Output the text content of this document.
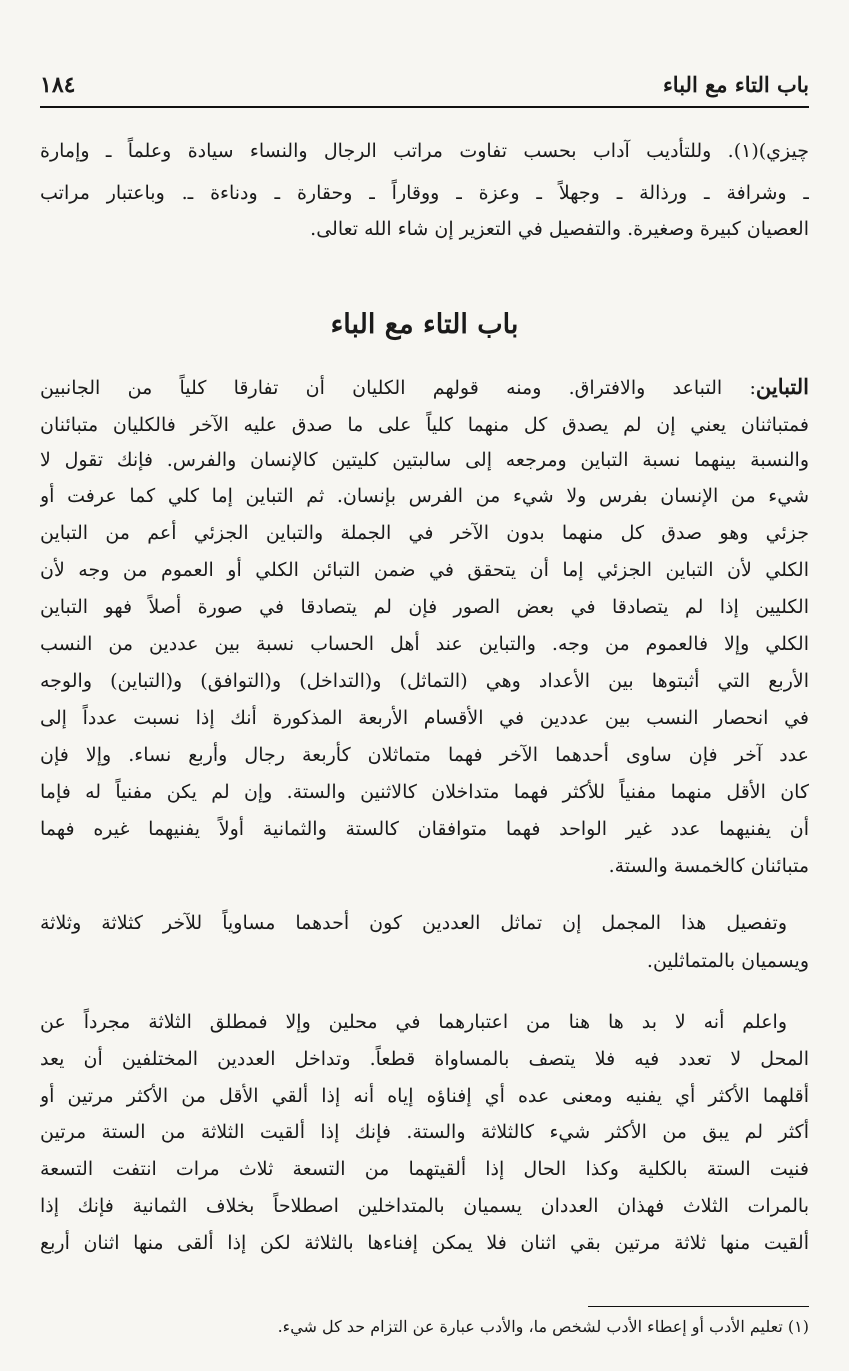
باب التاء مع الباء
١٨٤
چيزي)(١). وللتأديب آداب بحسب تفاوت مراتب الرجال والنساء سيادة وعلماً ـ وإمارة
ـ وشرافة ـ ورذالة ـ وجهلاً ـ وعزة ـ ووقاراً ـ وحقارة ـ ودناءة ـ. وباعتبار مراتب
العصيان كبيرة وصغيرة. والتفصيل في التعزير إن شاء الله تعالى.
باب التاء مع الباء
التباين: التباعد والافتراق. ومنه قولهم الكليان أن تفارقا كلياً من الجانبين
فمتباثنان يعني إن لم يصدق كل منهما كلياً على ما صدق عليه الآخر فالكليان متبائنان
والنسبة بينهما نسبة التباين ومرجعه إلى سالبتين كليتين كالإنسان والفرس. فإنك تقول لا
شيء من الإنسان بفرس ولا شيء من الفرس بإنسان. ثم التباين إما كلي كما عرفت أو
جزئي وهو صدق كل منهما بدون الآخر في الجملة والتباين الجزئي أعم من التباين
الكلي لأن التباين الجزئي إما أن يتحقق في ضمن التبائن الكلي أو العموم من وجه لأن
الكليين إذا لم يتصادقا في بعض الصور فإن لم يتصادقا في صورة أصلاً فهو التباين
الكلي وإلا فالعموم من وجه. والتباين عند أهل الحساب نسبة بين عددين من النسب
الأربع التي أثبتوها بين الأعداد وهي (التماثل) و(التداخل) و(التوافق) و(التباين) والوجه
في انحصار النسب بين عددين في الأقسام الأربعة المذكورة أنك إذا نسبت عدداً إلى
عدد آخر فإن ساوى أحدهما الآخر فهما متماثلان كأربعة رجال وأربع نساء. وإلا فإن
كان الأقل منهما مفنياً للأكثر فهما متداخلان كالاثنين والستة. وإن لم يكن مفنياً له فإما
أن يفنيهما عدد غير الواحد فهما متوافقان كالستة والثمانية أولاً يفنيهما غيره فهما
متبائنان كالخمسة والستة.
وتفصيل هذا المجمل إن تماثل العددين كون أحدهما مساوياً للآخر كثلاثة وثلاثة
ويسميان بالمتماثلين.
واعلم أنه لا بد ها هنا من اعتبارهما في محلين وإلا فمطلق الثلاثة مجرداً عن
المحل لا تعدد فيه فلا يتصف بالمساواة قطعاً. وتداخل العددين المختلفين أن يعد
أقلهما الأكثر أي يفنيه ومعنى عده أي إفناؤه إياه أنه إذا ألقي الأقل من الأكثر مرتين أو
أكثر لم يبق من الأكثر شيء كالثلاثة والستة. فإنك إذا ألقيت الثلاثة من الستة مرتين
فنيت الستة بالكلية وكذا الحال إذا ألقيتهما من التسعة ثلاث مرات انتفت التسعة
بالمرات الثلاث فهذان العددان يسميان بالمتداخلين اصطلاحاً بخلاف الثمانية فإنك إذا
ألقيت منها ثلاثة مرتين بقي اثنان فلا يمكن إفناءها بالثلاثة لكن إذا ألقى منها اثنان أربع
(١) تعليم الأدب أو إعطاء الأدب لشخص ما، والأدب عبارة عن التزام حد كل شيء.
